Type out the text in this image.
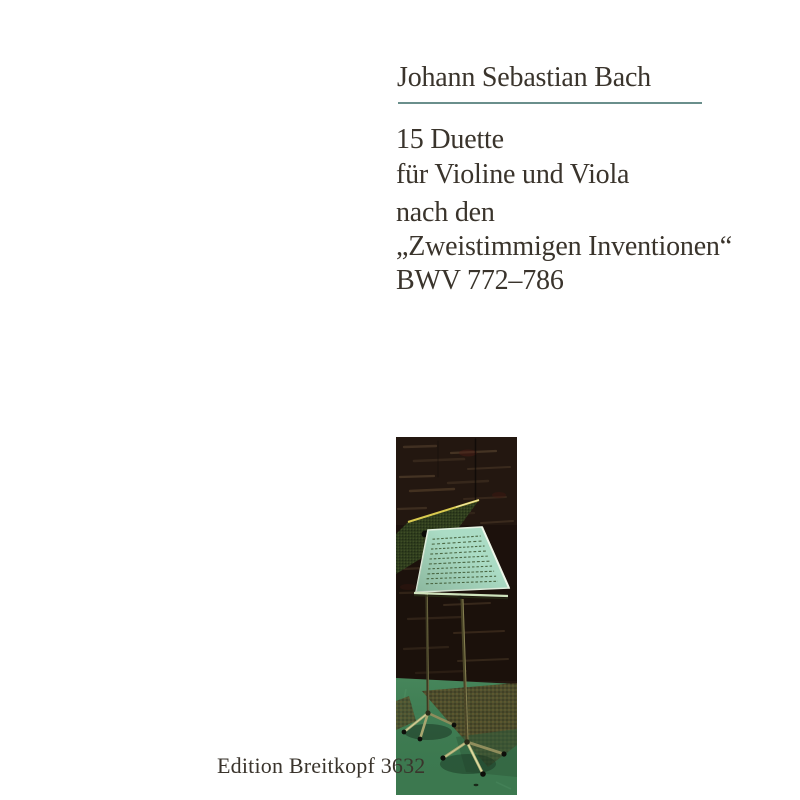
Johann Sebastian Bach
15 Duette
für Violine und Viola
nach den
„Zweistimmigen Inventionen“
BWV 772–786
Edition Breitkopf 3632
